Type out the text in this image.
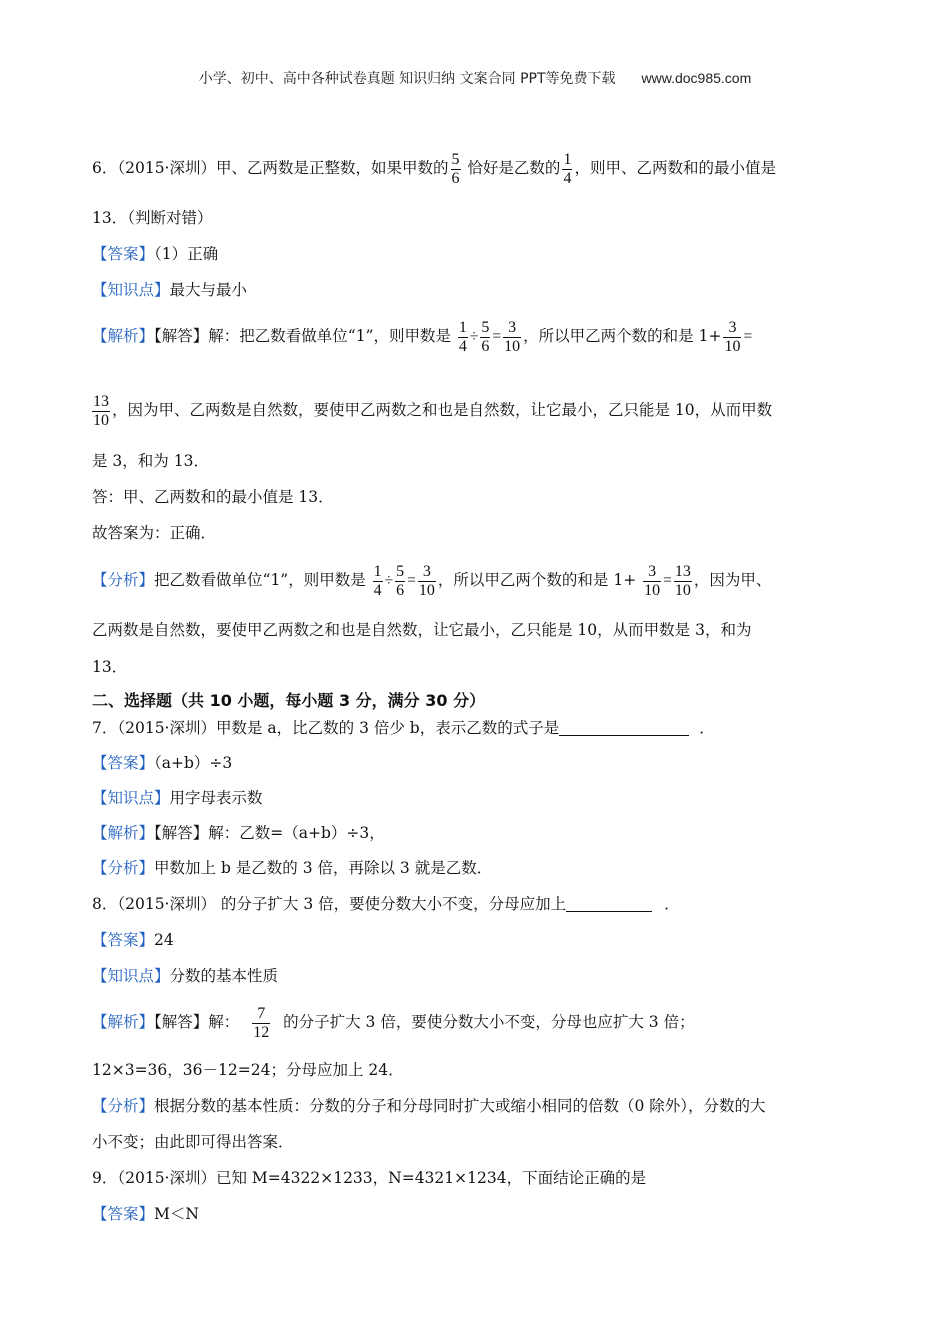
小学、初中、高中各种试卷真题 知识归纳 文案合同 PPT等免费下载 www.doc985.com
6．（2015·深圳）甲、乙两数是正整数，如果甲数的 $\frac{5}{6}$ 恰好是乙数的 $\frac{1}{4}$ ，则甲、乙两数和的最小值是
13．（判断对错）
【答案】（1）正确
【知识点】最大与最小
【解析】【解答】解：把乙数看做单位“1”，则甲数是 $\frac{1}{4} \div \frac{5}{6} = \frac{3}{10}$ ，所以甲乙两个数的和是 $1+ \frac{3}{10}$ =
$\frac{13}{10}$ ，因为甲、乙两数是自然数，要使甲乙两数之和也是自然数，让它最小，乙只能是 10，从而甲数
是 3，和为 13．
答：甲、乙两数和的最小值是 13．
故答案为：正确．
【分析】把乙数看做单位“1”，则甲数是 $\frac{1}{4} \div \frac{5}{6} = \frac{3}{10}$ ，所以甲乙两个数的和是 $1+ \frac{3}{10} = \frac{13}{10}$ ，因为甲、
乙两数是自然数，要使甲乙两数之和也是自然数，让它最小，乙只能是 10，从而甲数是 3，和为
13．
二、选择题（共 10 小题，每小题 3 分，满分 30 分）
7．（2015·深圳）甲数是 a，比乙数的 3 倍少 b，表示乙数的式子是	．
【答案】（a+b）÷3
【知识点】用字母表示数
【解析】【解答】解：乙数=（a+b）÷3，
【分析】甲数加上 b 是乙数的 3 倍，再除以 3 就是乙数．
8．（2015·深圳） 的分子扩大 3 倍，要使分数大小不变，分母应加上	．
【答案】24
【知识点】分数的基本性质
【解析】【解答】解： $\frac{7}{12}$ 的分子扩大 3 倍，要使分数大小不变，分母也应扩大 3 倍；
12×3=36，36－12=24；分母应加上 24．
【分析】根据分数的基本性质：分数的分子和分母同时扩大或缩小相同的倍数（0 除外），分数的大
小不变；由此即可得出答案．
9．（2015·深圳）已知 M=4322×1233，N=4321×1234，下面结论正确的是
【答案】M＜N
